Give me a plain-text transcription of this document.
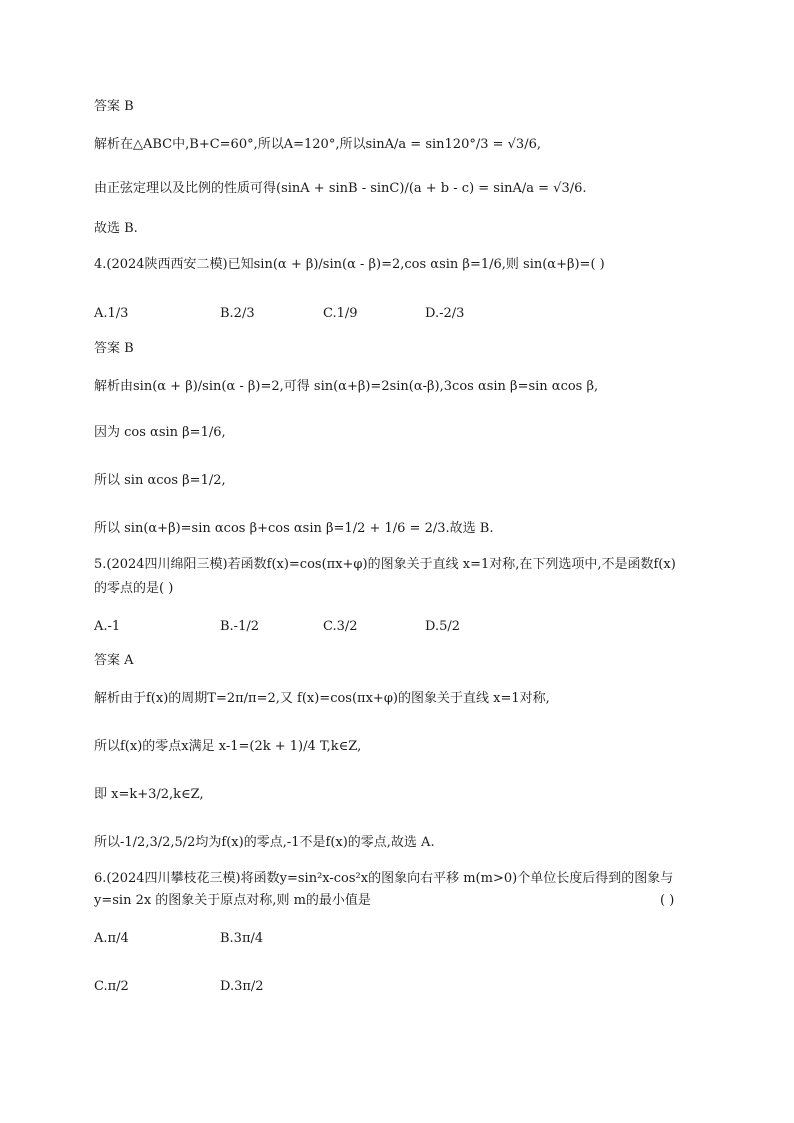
答案 B
解析在△ABC中,B+C=60°,所以A=120°,所以sinA/a = sin120°/3 = √3/6,
由正弦定理以及比例的性质可得(sinA + sinB - sinC)/(a + b - c) = sinA/a = √3/6.
故选 B.
4.(2024陕西西安二模)已知sin(α + β)/sin(α - β)=2,cos αsin β=1/6,则 sin(α+β)=( )
A.1/3	B.2/3	C.1/9	D.-2/3
答案 B
解析由sin(α + β)/sin(α - β)=2,可得 sin(α+β)=2sin(α-β),3cos αsin β=sin αcos β,
因为 cos αsin β=1/6,
所以 sin αcos β=1/2,
所以 sin(α+β)=sin αcos β+cos αsin β=1/2 + 1/6 = 2/3.故选 B.
5.(2024四川绵阳三模)若函数f(x)=cos(πx+φ)的图象关于直线 x=1对称,在下列选项中,不是函数f(x)
的零点的是( )
A.-1	B.-1/2	C.3/2	D.5/2
答案 A
解析由于f(x)的周期T=2π/π=2,又 f(x)=cos(πx+φ)的图象关于直线 x=1对称,
所以f(x)的零点x满足 x-1=(2k + 1)/4 T,k∈Z,
即 x=k+3/2,k∈Z,
所以-1/2,3/2,5/2均为f(x)的零点,-1不是f(x)的零点,故选 A.
6.(2024四川攀枝花三模)将函数y=sin²x-cos²x的图象向右平移 m(m>0)个单位长度后得到的图象与
y=sin 2x 的图象关于原点对称,则 m的最小值是	( )
A.π/4	B.3π/4
C.π/2	D.3π/2
